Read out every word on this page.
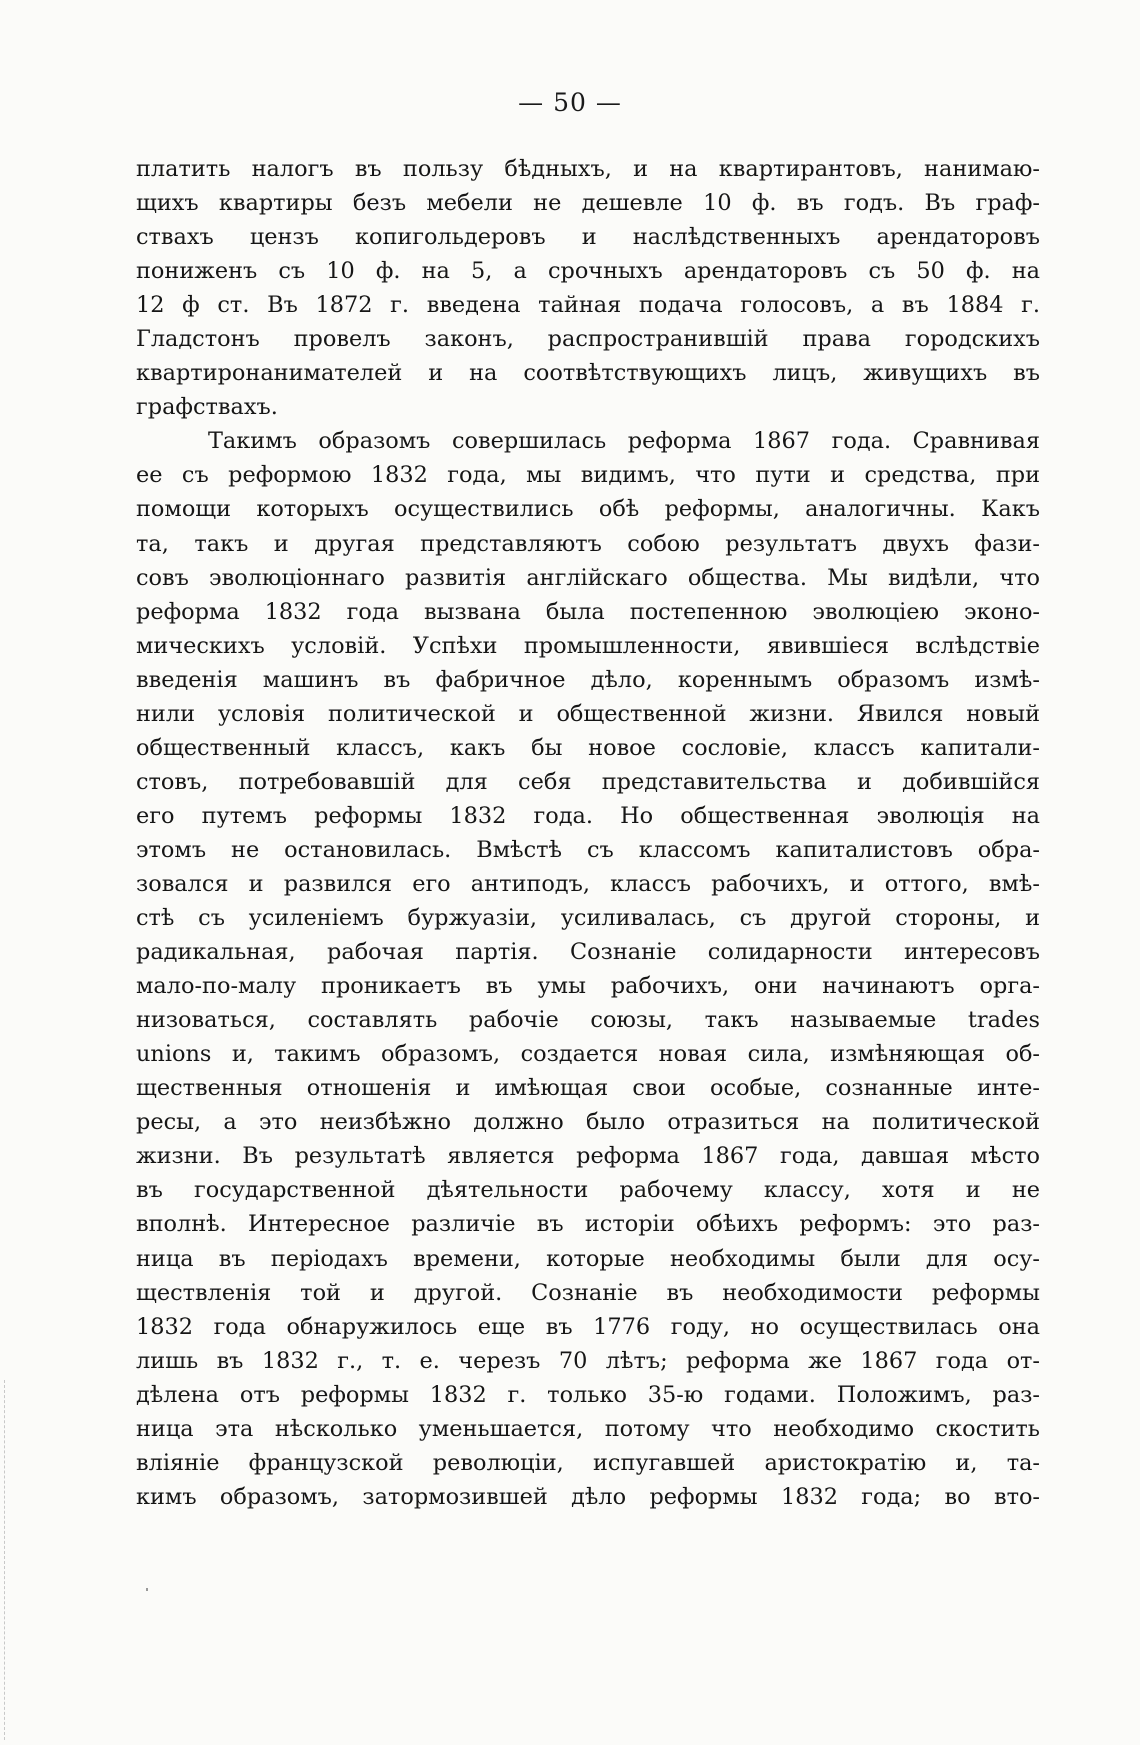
— 50 —
платить налогъ въ пользу бѣдныхъ, и на квартирантовъ, нанимаю-
щихъ квартиры безъ мебели не дешевле 10 ф. въ годъ. Въ граф-
ствахъ цензъ копигольдеровъ и наслѣдственныхъ арендаторовъ
пониженъ съ 10 ф. на 5, а срочныхъ арендаторовъ съ 50 ф. на
12 ф ст. Въ 1872 г. введена тайная подача голосовъ, а въ 1884 г.
Гладстонъ провелъ законъ, распространившій права городскихъ
квартиронанимателей и на соотвѣтствующихъ лицъ, живущихъ въ
графствахъ.
Такимъ образомъ совершилась реформа 1867 года. Сравнивая
ее съ реформою 1832 года, мы видимъ, что пути и средства, при
помощи которыхъ осуществились обѣ реформы, аналогичны. Какъ
та, такъ и другая представляютъ собою результатъ двухъ фази-
совъ эволюціоннаго развитія англійскаго общества. Мы видѣли, что
реформа 1832 года вызвана была постепенною эволюціею эконо-
мическихъ условій. Успѣхи промышленности, явившіеся вслѣдствіе
введенія машинъ въ фабричное дѣло, кореннымъ образомъ измѣ-
нили условія политической и общественной жизни. Явился новый
общественный классъ, какъ бы новое сословіе, классъ капитали-
стовъ, потребовавшій для себя представительства и добившійся
его путемъ реформы 1832 года. Но общественная эволюція на
этомъ не остановилась. Вмѣстѣ съ классомъ капиталистовъ обра-
зовался и развился его антиподъ, классъ рабочихъ, и оттого, вмѣ-
стѣ съ усиленіемъ буржуазіи, усиливалась, съ другой стороны, и
радикальная, рабочая партія. Сознаніе солидарности интересовъ
мало-по-малу проникаетъ въ умы рабочихъ, они начинаютъ орга-
низоваться, составлять рабочіе союзы, такъ называемые trades
unions и, такимъ образомъ, создается новая сила, измѣняющая об-
щественныя отношенія и имѣющая свои особые, сознанные инте-
ресы, а это неизбѣжно должно было отразиться на политической
жизни. Въ результатѣ является реформа 1867 года, давшая мѣсто
въ государственной дѣятельности рабочему классу, хотя и не
вполнѣ. Интересное различіе въ исторіи обѣихъ реформъ: это раз-
ница въ періодахъ времени, которые необходимы были для осу-
ществленія той и другой. Сознаніе въ необходимости реформы
1832 года обнаружилось еще въ 1776 году, но осуществилась она
лишь въ 1832 г., т. е. черезъ 70 лѣтъ; реформа же 1867 года от-
дѣлена отъ реформы 1832 г. только 35-ю годами. Положимъ, раз-
ница эта нѣсколько уменьшается, потому что необходимо скостить
вліяніе французской революціи, испугавшей аристократію и, та-
кимъ образомъ, затормозившей дѣло реформы 1832 года; во вто-
